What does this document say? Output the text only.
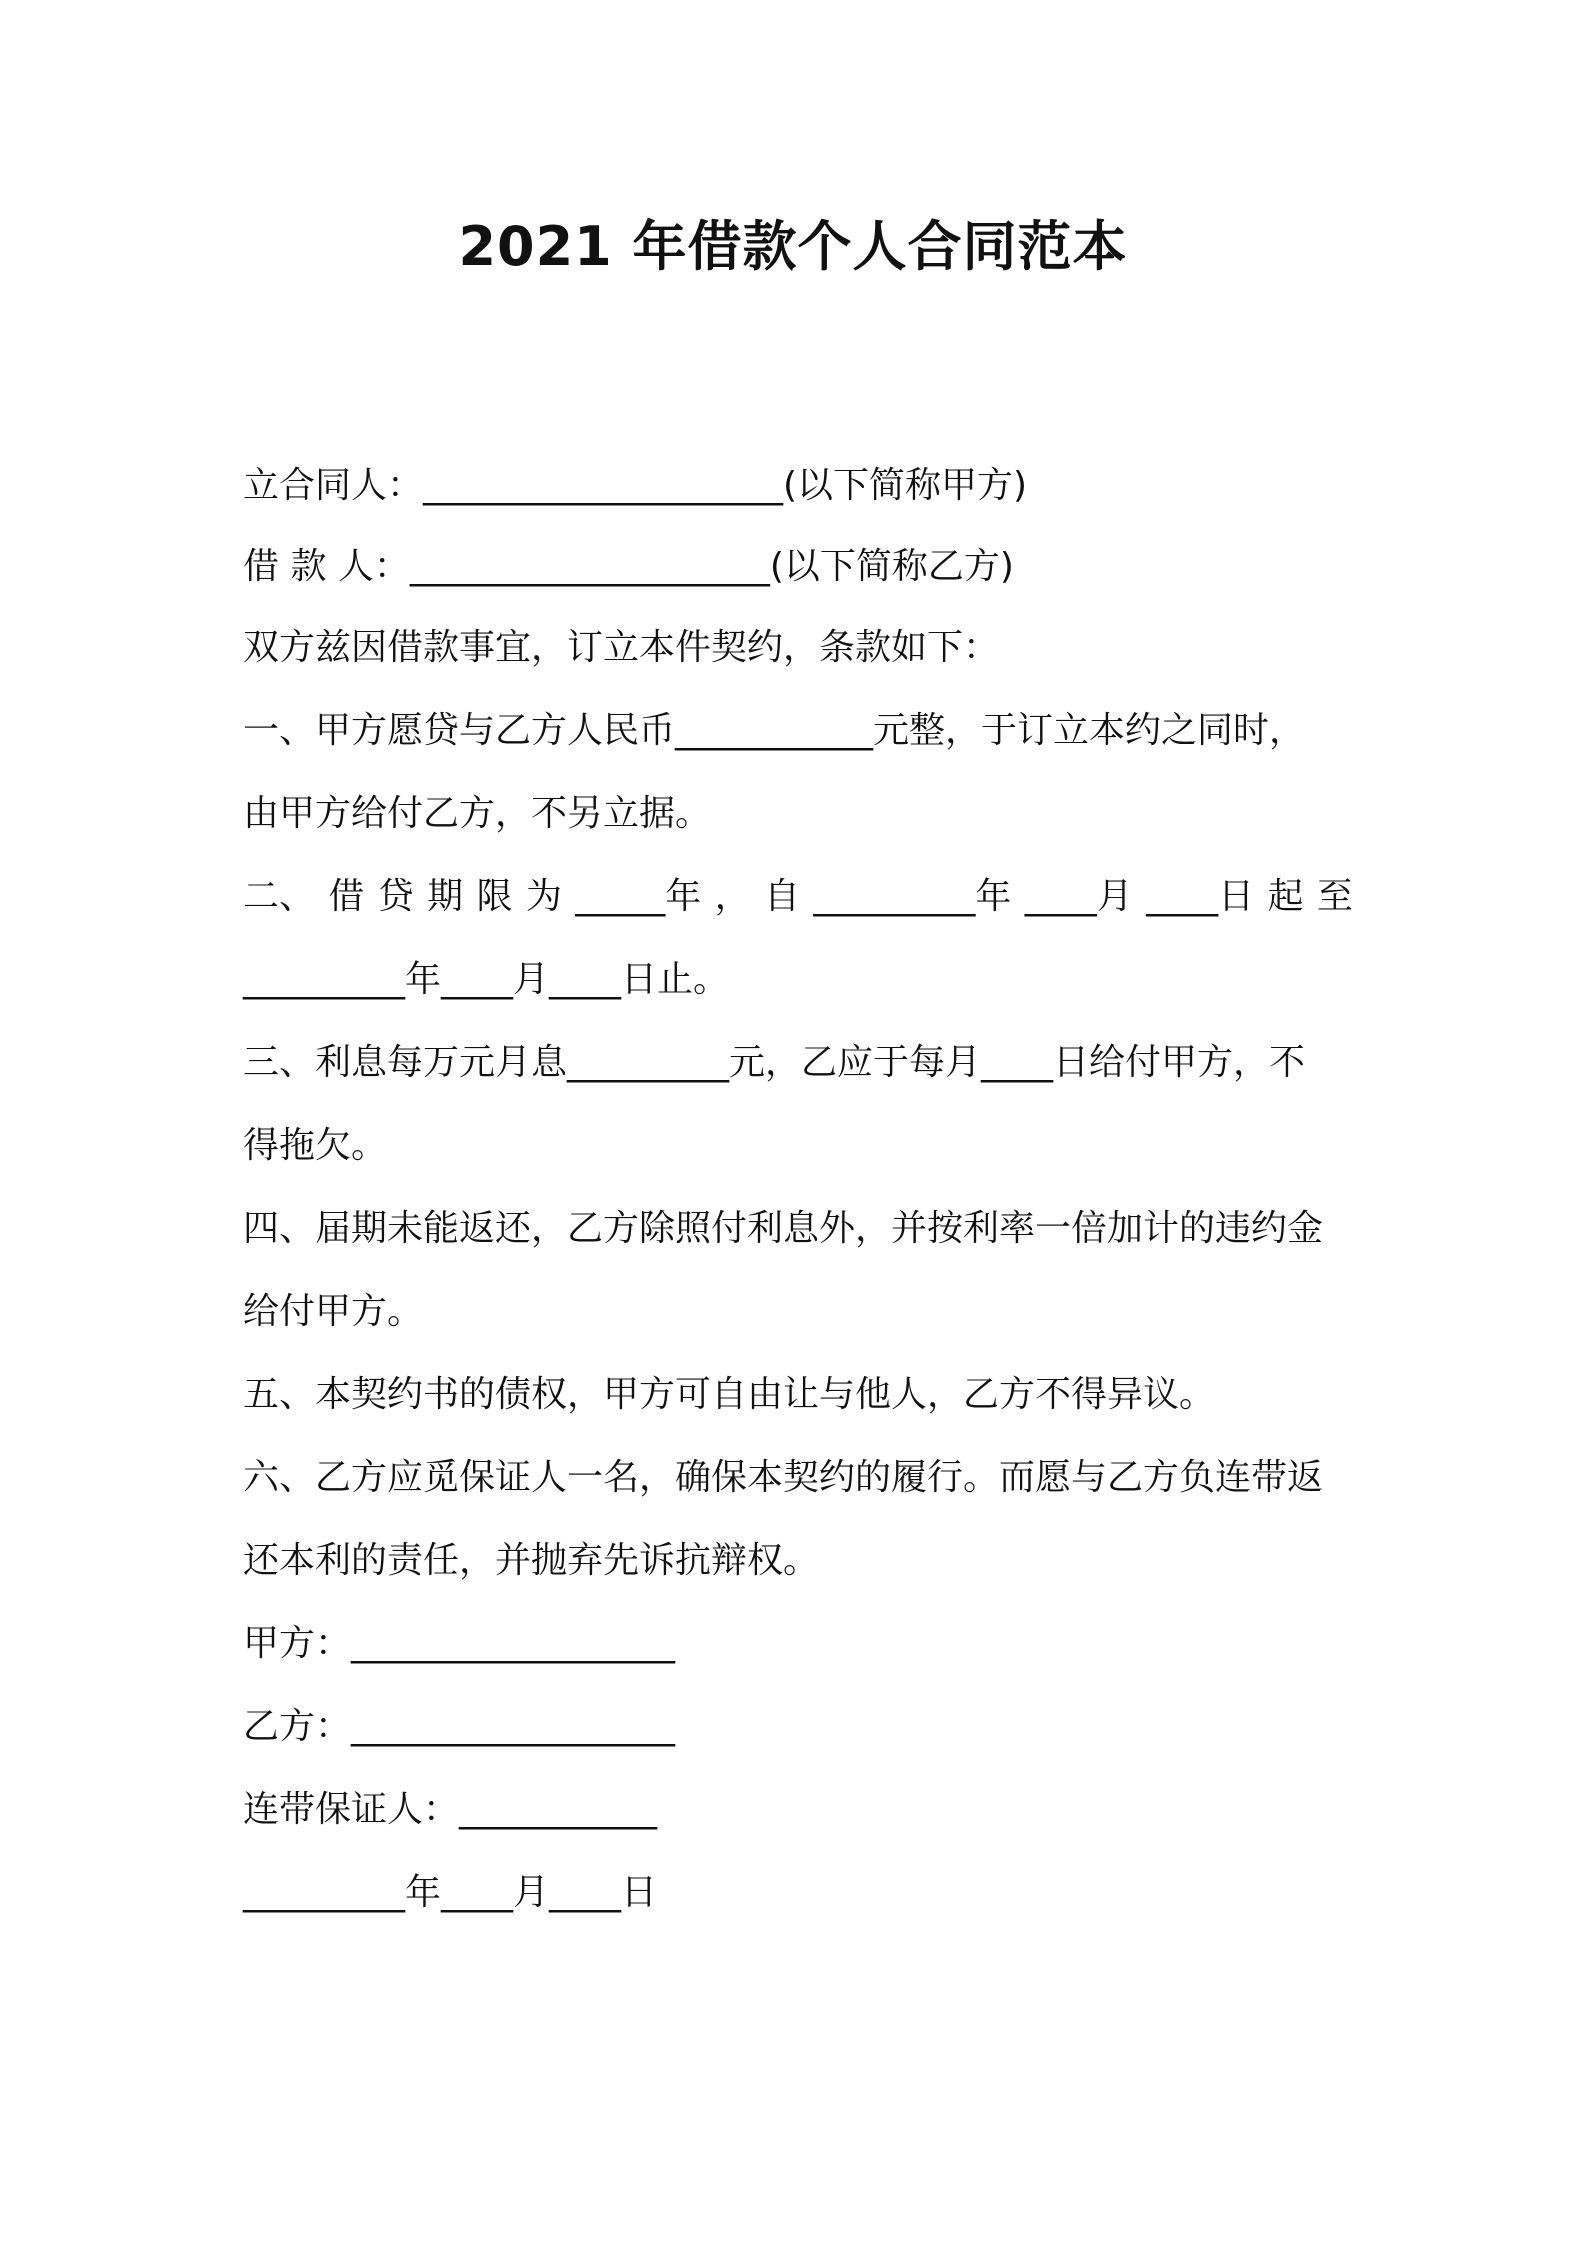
2021 年借款个人合同范本
立合同人：____________________(以下简称甲方)
借 款 人：____________________(以下简称乙方)
双方兹因借款事宜，订立本件契约，条款如下：
一、甲方愿贷与乙方人民币___________元整，于订立本约之同时，
由甲方给付乙方，不另立据。
二、 借 贷 期 限 为 _____年 ， 自 _________年 ____月 ____日 起 至
_________年____月____日止。
三、利息每万元月息_________元，乙应于每月____日给付甲方，不
得拖欠。
四、届期未能返还，乙方除照付利息外，并按利率一倍加计的违约金
给付甲方。
五、本契约书的债权，甲方可自由让与他人，乙方不得异议。
六、乙方应觅保证人一名，确保本契约的履行。而愿与乙方负连带返
还本利的责任，并抛弃先诉抗辩权。
甲方：__________________
乙方：__________________
连带保证人：___________
_________年____月____日
